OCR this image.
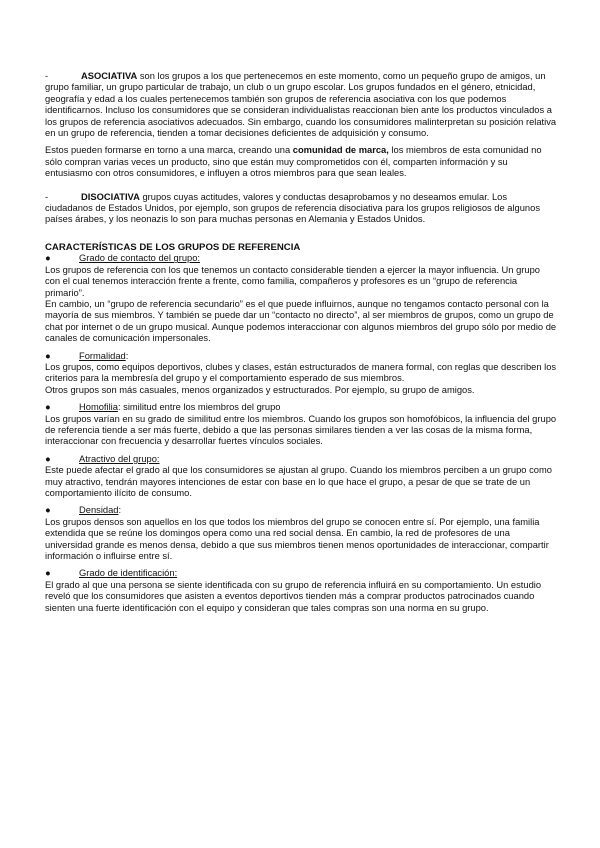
-	ASOCIATIVA son los grupos a los que pertenecemos en este momento, como un pequeño grupo de amigos, un grupo familiar, un grupo particular de trabajo, un club o un grupo escolar. Los grupos fundados en el género, etnicidad, geografía y edad a los cuales pertenecemos también son grupos de referencia asociativa con los que podemos identificarnos. Incluso los consumidores que se consideran individualistas reaccionan bien ante los productos vinculados a los grupos de referencia asociativos adecuados. Sin embargo, cuando los consumidores malinterpretan su posición relativa en un grupo de referencia, tienden a tomar decisiones deficientes de adquisición y consumo.

Estos pueden formarse en torno a una marca, creando una comunidad de marca, los miembros de esta comunidad no sólo compran varias veces un producto, sino que están muy comprometidos con él, comparten información y su entusiasmo con otros consumidores, e influyen a otros miembros para que sean leales.

-	DISOCIATIVA grupos cuyas actitudes, valores y conductas desaprobamos y no deseamos emular. Los ciudadanos de Estados Unidos, por ejemplo, son grupos de referencia disociativa para los grupos religiosos de algunos países árabes, y los neonazis lo son para muchas personas en Alemania y Estados Unidos.

CARACTERÍSTICAS DE LOS GRUPOS DE REFERENCIA
●	Grado de contacto del grupo:

Los grupos de referencia con los que tenemos un contacto considerable tienden a ejercer la mayor influencia. Un grupo con el cual tenemos interacción frente a frente, como familia, compañeros y profesores es un “grupo de referencia primario”.

En cambio, un “grupo de referencia secundario” es el que puede influirnos, aunque no tengamos contacto personal con la mayoría de sus miembros. Y también se puede dar un “contacto no directo”, al ser miembros de grupos, como un grupo de chat por internet o de un grupo musical. Aunque podemos interaccionar con algunos miembros del grupo sólo por medio de canales de comunicación impersonales.

●	Formalidad:

Los grupos, como equipos deportivos, clubes y clases, están estructurados de manera formal, con reglas que describen los criterios para la membresía del grupo y el comportamiento esperado de sus miembros.

Otros grupos son más casuales, menos organizados y estructurados. Por ejemplo, su grupo de amigos.

●	Homofilia: similitud entre los miembros del grupo

Los grupos varían en su grado de similitud entre los miembros. Cuando los grupos son homofóbicos, la influencia del grupo de referencia tiende a ser más fuerte, debido a que las personas similares tienden a ver las cosas de la misma forma, interaccionar con frecuencia y desarrollar fuertes vínculos sociales.

●	Atractivo del grupo:

Este puede afectar el grado al que los consumidores se ajustan al grupo. Cuando los miembros perciben a un grupo como muy atractivo, tendrán mayores intenciones de estar con base en lo que hace el grupo, a pesar de que se trate de un comportamiento ilícito de consumo.

●	Densidad:

Los grupos densos son aquellos en los que todos los miembros del grupo se conocen entre sí. Por ejemplo, una familia extendida que se reúne los domingos opera como una red social densa. En cambio, la red de profesores de una universidad grande es menos densa, debido a que sus miembros tienen menos oportunidades de interaccionar, compartir información o influirse entre sí.

●	Grado de identificación:

El grado al que una persona se siente identificada con su grupo de referencia influirá en su comportamiento. Un estudio reveló que los consumidores que asisten a eventos deportivos tienden más a comprar productos patrocinados cuando sienten una fuerte identificación con el equipo y consideran que tales compras son una norma en su grupo.
